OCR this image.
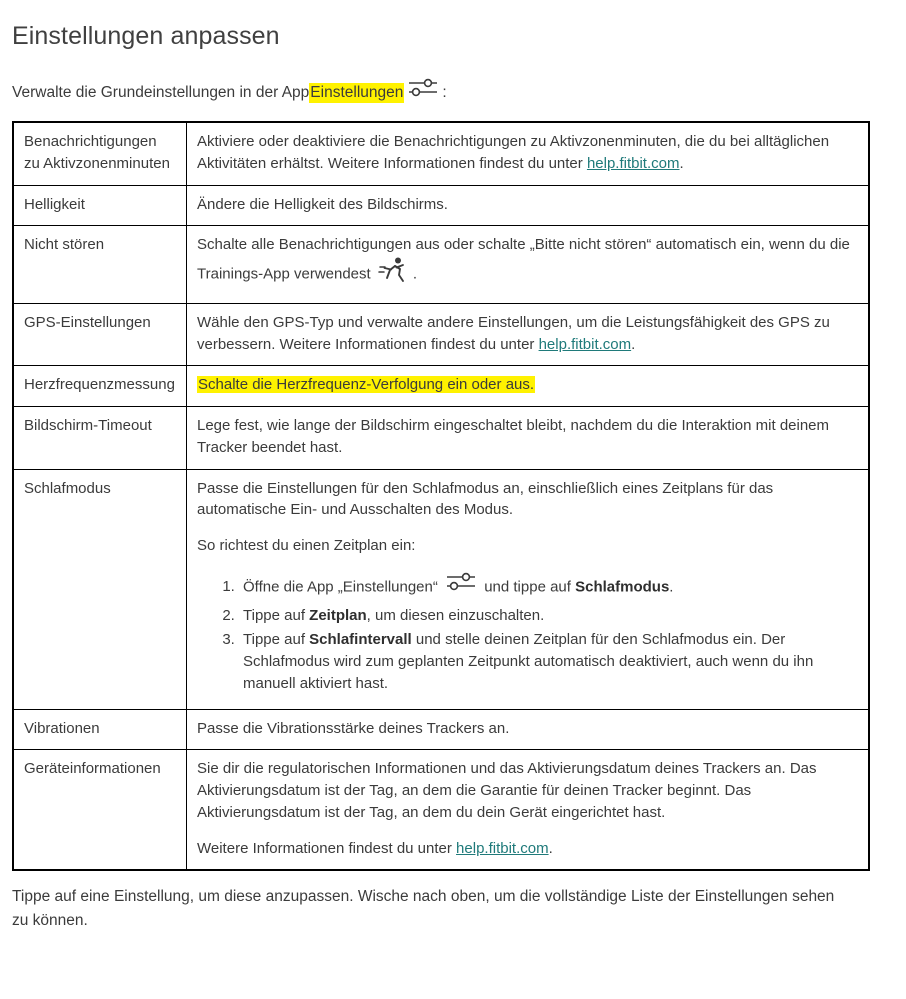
Einstellungen anpassen
Verwalte die Grundeinstellungen in der App Einstellungen	:
Benachrichtigungen zu Aktivzonenminuten	Aktiviere oder deaktiviere die Benachrichtigungen zu Aktivzonenminuten, die du bei alltäglichen Aktivitäten erhältst. Weitere Informationen findest du unter help.fitbit.com.
Helligkeit	Ändere die Helligkeit des Bildschirms.
Nicht stören	Schalte alle Benachrichtigungen aus oder schalte „Bitte nicht stören“ automatisch ein, wenn du die Trainings-App verwendest .
GPS-Einstellungen	Wähle den GPS-Typ und verwalte andere Einstellungen, um die Leistungsfähigkeit des GPS zu verbessern. Weitere Informationen findest du unter help.fitbit.com.
Herzfrequenzmessung	Schalte die Herzfrequenz-Verfolgung ein oder aus.
Bildschirm-Timeout	Lege fest, wie lange der Bildschirm eingeschaltet bleibt, nachdem du die Interaktion mit deinem Tracker beendet hast.
Schlafmodus	Passe die Einstellungen für den Schlafmodus an, einschließlich eines Zeitplans für das automatische Ein- und Ausschalten des Modus.
So richtest du einen Zeitplan ein:
1. Öffne die App „Einstellungen“	und tippe auf Schlafmodus.
2. Tippe auf Zeitplan, um diesen einzuschalten.
3. Tippe auf Schlafintervall und stelle deinen Zeitplan für den Schlafmodus ein. Der Schlafmodus wird zum geplanten Zeitpunkt automatisch deaktiviert, auch wenn du ihn manuell aktiviert hast.

Vibrationen	Passe die Vibrationsstärke deines Trackers an.
Geräteinformationen	Sie dir die regulatorischen Informationen und das Aktivierungsdatum deines Trackers an. Das Aktivierungsdatum ist der Tag, an dem die Garantie für deinen Tracker beginnt. Das Aktivierungsdatum ist der Tag, an dem du dein Gerät eingerichtet hast.
Weitere Informationen findest du unter help.fitbit.com.
Tippe auf eine Einstellung, um diese anzupassen. Wische nach oben, um die vollständige Liste der Einstellungen sehen zu können.
